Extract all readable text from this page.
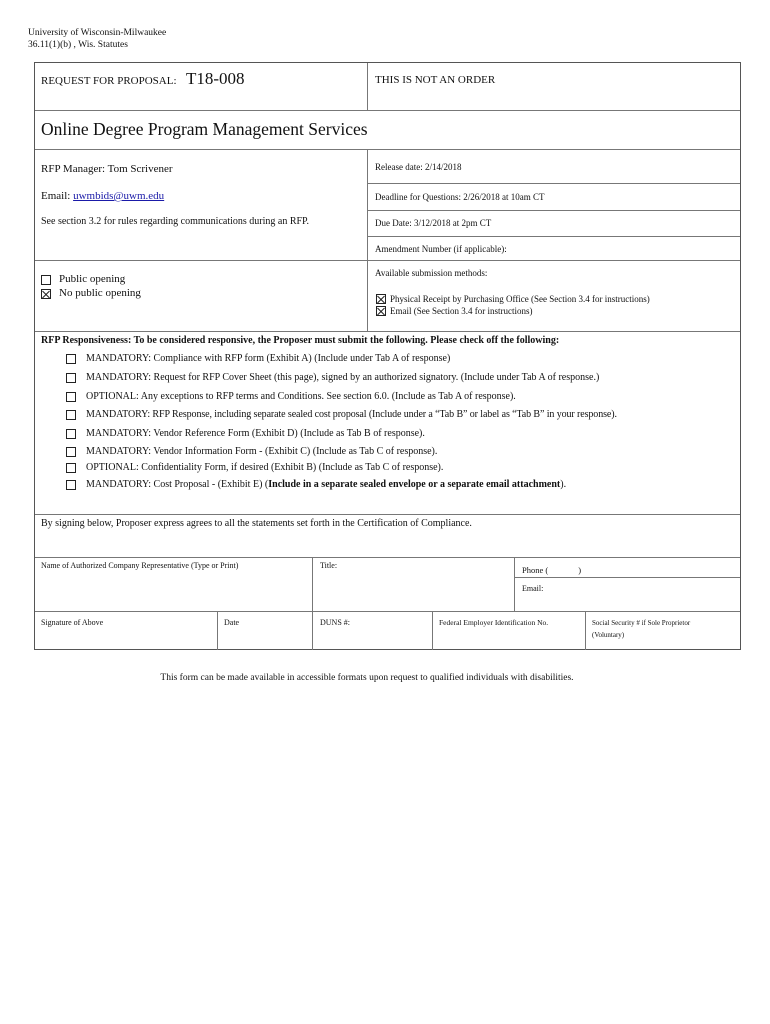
University of Wisconsin-Milwaukee
36.11(1)(b) , Wis. Statutes
REQUEST FOR PROPOSAL: T18-008	THIS IS NOT AN ORDER
Online Degree Program Management Services
RFP Manager: Tom Scrivener
Email: uwmbids@uwm.edu
See section 3.2 for rules regarding communications during an RFP.
Release date: 2/14/2018
Deadline for Questions: 2/26/2018 at 10am CT
Due Date: 3/12/2018 at 2pm CT
Amendment Number (if applicable):
Public opening
No public opening
Available submission methods:
Physical Receipt by Purchasing Office (See Section 3.4 for instructions)
Email (See Section 3.4 for instructions)
RFP Responsiveness: To be considered responsive, the Proposer must submit the following. Please check off the following:
MANDATORY: Compliance with RFP form (Exhibit A) (Include under Tab A of response)
MANDATORY: Request for RFP Cover Sheet (this page), signed by an authorized signatory. (Include under Tab A of response.)
OPTIONAL: Any exceptions to RFP terms and Conditions. See section 6.0. (Include as Tab A of response).
MANDATORY: RFP Response, including separate sealed cost proposal (Include under a “Tab B” or label as “Tab B” in your response).
MANDATORY: Vendor Reference Form (Exhibit D) (Include as Tab B of response).
MANDATORY: Vendor Information Form - (Exhibit C) (Include as Tab C of response).
OPTIONAL: Confidentiality Form, if desired (Exhibit B) (Include as Tab C of response).
MANDATORY: Cost Proposal - (Exhibit E) (Include in a separate sealed envelope or a separate email attachment).
By signing below, Proposer express agrees to all the statements set forth in the Certification of Compliance.
Name of Authorized Company Representative (Type or Print)	Title:	Phone (	)
Email:
Signature of Above	Date	DUNS #:	Federal Employer Identification No.	Social Security # if Sole Proprietor
(Voluntary)
This form can be made available in accessible formats upon request to qualified individuals with disabilities.
